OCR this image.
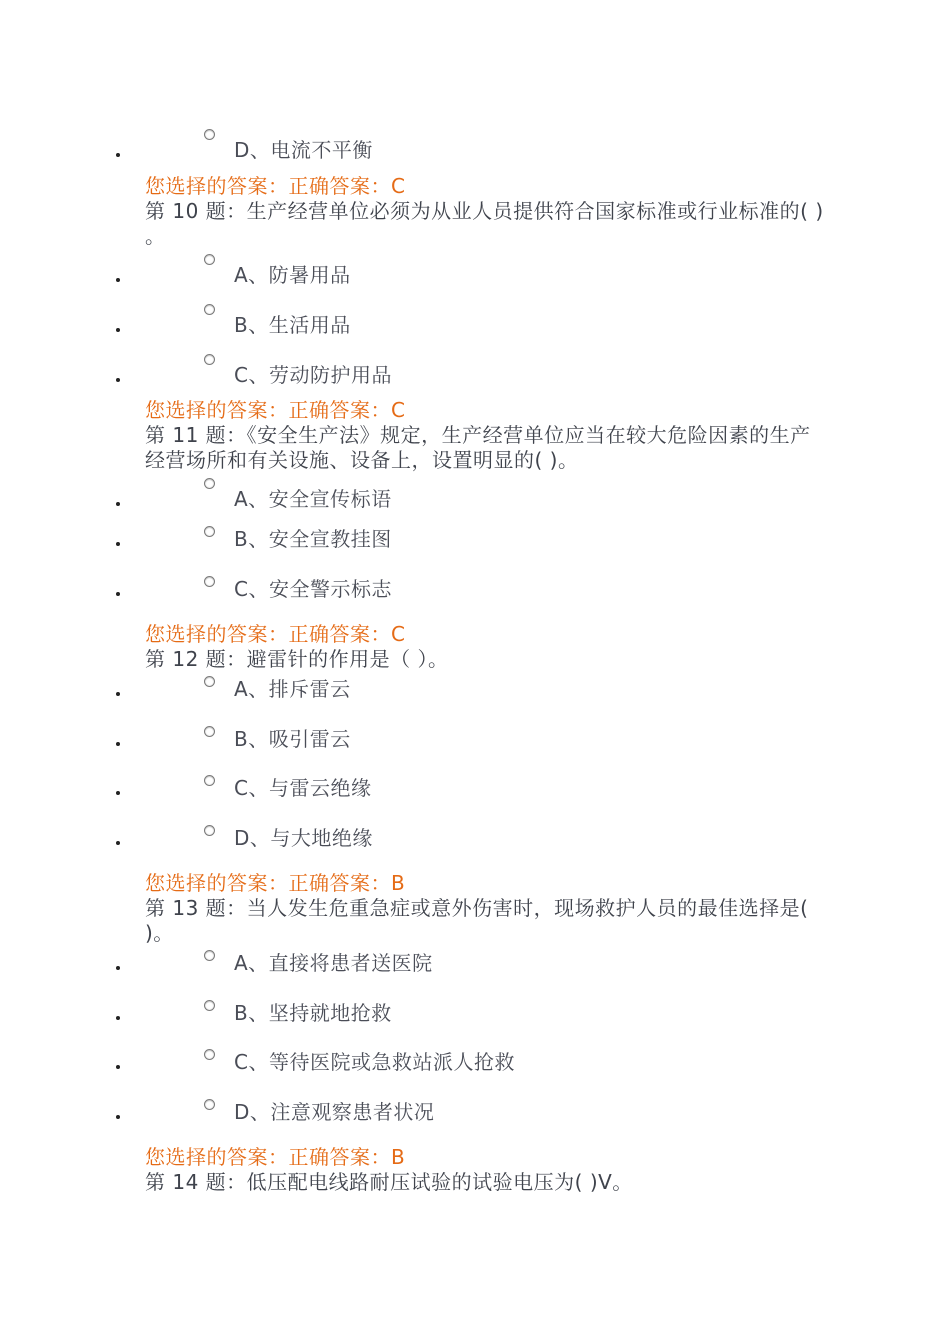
D、电流不平衡
您选择的答案：正确答案：C
第 10 题：生产经营单位必须为从业人员提供符合国家标准或行业标准的( ) 。
A、防暑用品
B、生活用品
C、劳动防护用品
您选择的答案：正确答案：C
第 11 题：《安全生产法》规定，生产经营单位应当在较大危险因素的生产经营场所和有关设施、设备上，设置明显的( )。
A、安全宣传标语
B、安全宣教挂图
C、安全警示标志
您选择的答案：正确答案：C
第 12 题：避雷针的作用是（ ）。
A、排斥雷云
B、吸引雷云
C、与雷云绝缘
D、与大地绝缘
您选择的答案：正确答案：B
第 13 题：当人发生危重急症或意外伤害时，现场救护人员的最佳选择是( )。
A、直接将患者送医院
B、坚持就地抢救
C、等待医院或急救站派人抢救
D、注意观察患者状况
您选择的答案：正确答案：B
第 14 题：低压配电线路耐压试验的试验电压为( )V。
